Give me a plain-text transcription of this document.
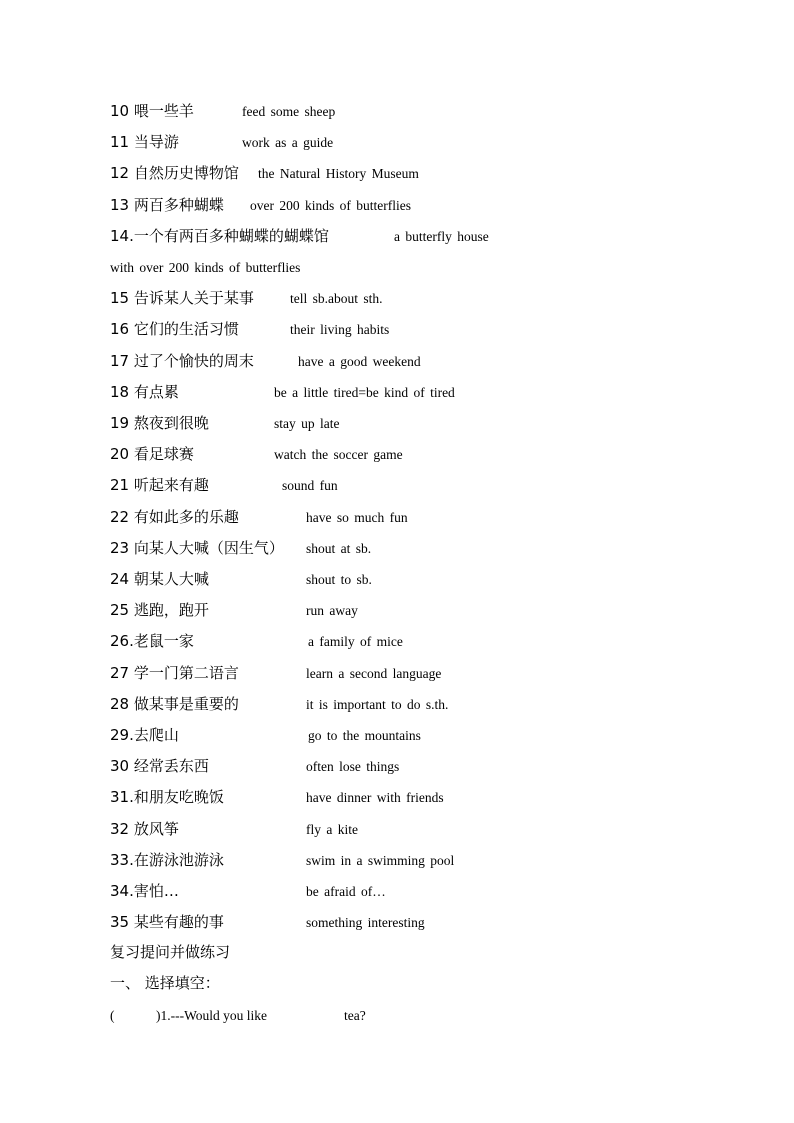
10 喂一些羊	feed some sheep
11 当导游	work as a guide
12 自然历史博物馆 the Natural History Museum
13 两百多种蝴蝶 over 200 kinds of butterflies
14.一个有两百多种蝴蝶的蝴蝶馆	a butterfly house
with over 200 kinds of butterflies
15 告诉某人关于某事	tell sb.about sth.
16 它们的生活习惯	their living habits
17 过了个愉快的周末	have a good weekend
18 有点累	be a little tired=be kind of tired
19 熬夜到很晚	stay up late
20 看足球赛	watch the soccer game
21 听起来有趣	sound fun
22 有如此多的乐趣	have so much fun
23 向某人大喊（因生气） shout at sb.
24 朝某人大喊	shout to sb.
25 逃跑，跑开	run away
26.老鼠一家	a family of mice
27 学一门第二语言	learn a second language
28 做某事是重要的	it is important to do s.th.
29.去爬山	go to the mountains
30 经常丢东西	often lose things
31.和朋友吃晚饭	have dinner with friends
32 放风筝	fly a kite
33.在游泳池游泳	swim in a swimming pool
34.害怕…	be afraid of…
35 某些有趣的事	something interesting
复习提问并做练习
一、 选择填空：
(	)1.---Would you like	tea?
